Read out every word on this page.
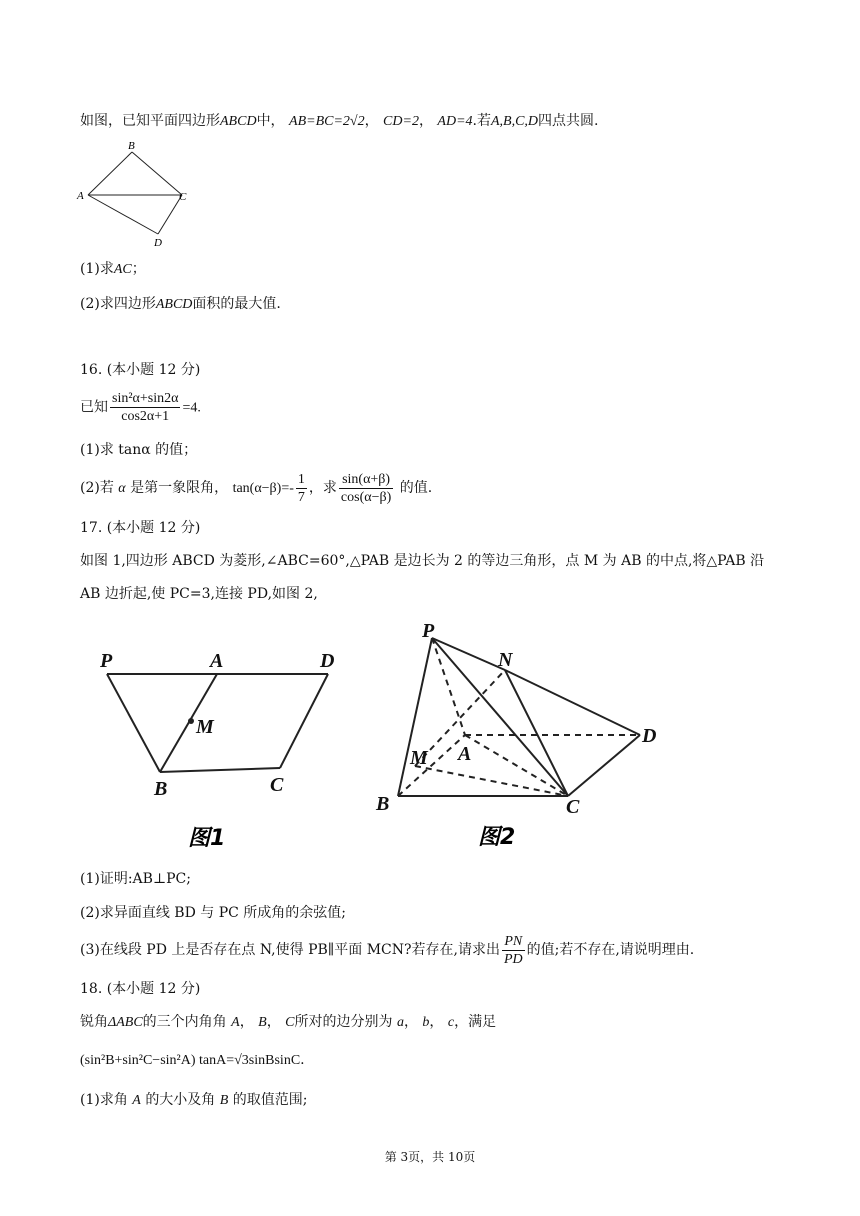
如图，已知平面四边形ABCD中， AB=BC=2√2， CD=2， AD=4.若A,B,C,D四点共圆.
B
A	C
D
(1)求AC；
(2)求四边形ABCD面积的最大值.
16. (本小题 12 分)
已知 $\frac{\text{sin²α+sin2α}}{\cos 2\alpha+1} =4$.
(1)求 tanα 的值；
(2)若 α 是第一象限角， $\tan(\alpha-\beta)=- \frac{1}{7}$ ，求 $\frac{\sin(\alpha+\beta)}{\cos(\alpha-\beta)}$ 的值.
17. (本小题 12 分)
如图 1,四边形 ABCD 为菱形,∠ABC=60°,△PAB 是边长为 2 的等边三角形，点 M 为 AB 的中点,将△PAB 沿
AB 边折起,使 PC=3,连接 PD,如图 2,
P	A	D
M
B	C
图1
P
N
A
D
M
B	C
图2
(1)证明:AB⊥PC;
(2)求异面直线 BD 与 PC 所成角的余弦值;
(3)在线段 PD 上是否存在点 N,使得 PB∥平面 MCN?若存在,请求出 $\frac{PN}{PD}$ 的值;若不存在,请说明理由.
18. (本小题 12 分)
锐角ΔABC的三个内角角 A， B， C所对的边分别为 a， b， c，满足
(sin²B+sin²C−sin²A) tanA=√3sinBsinC.
(1)求角 A 的大小及角 B 的取值范围;
第 3页，共 10页
